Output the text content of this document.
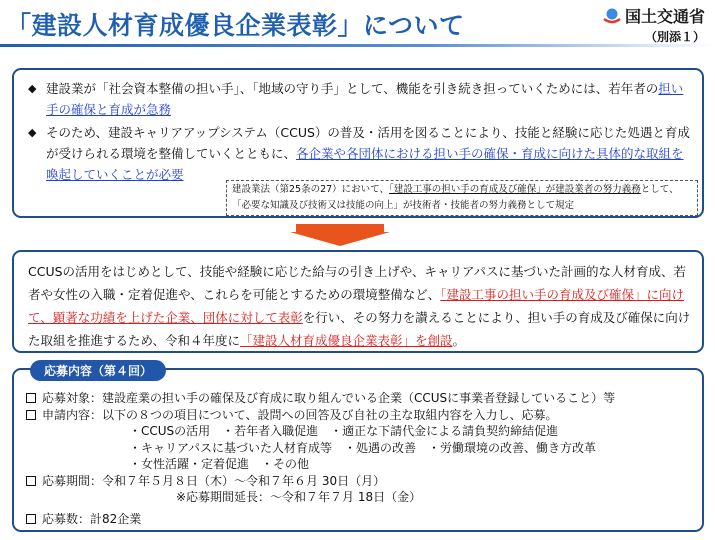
「建設人材育成優良企業表彰」について	国土交通省
（別添１）
◆ 建設業が「社会資本整備の担い手」、「地域の守り手」として、機能を引き続き担っていくためには、若年者の担い手の確保と育成が急務
◆ そのため、建設キャリアアップシステム（CCUS）の普及・活用を図ることにより、技能と経験に応じた処遇と育成が受けられる環境を整備していくとともに、各企業や各団体における担い手の確保・育成に向けた具体的な取組を喚起していくことが必要
建設業法（第25条の27）において、「建設工事の担い手の育成及び確保」が建設業者の努力義務として、「必要な知識及び技術又は技能の向上」が技術者・技能者の努力義務として規定
CCUSの活用をはじめとして、技能や経験に応じた給与の引き上げや、キャリアパスに基づいた計画的な人材育成、若者や女性の入職・定着促進や、これらを可能とするための環境整備など、「建設工事の担い手の育成及び確保」に向けて、顕著な功績を上げた企業、団体に対して表彰を行い、その努力を讃えることにより、担い手の育成及び確保に向けた取組を推進するため、令和４年度に「建設人材育成優良企業表彰」を創設。
応募内容（第４回）
応募対象： 建設産業の担い手の確保及び育成に取り組んでいる企業（CCUSに事業者登録していること）等
申請内容： 以下の８つの項目について、設問への回答及び自社の主な取組内容を入力し、応募。
・CCUSの活用　・若年者入職促進　・適正な下請代金による請負契約締結促進
・キャリアパスに基づいた人材育成等　・処遇の改善　・労働環境の改善、働き方改革
・女性活躍・定着促進　・その他
応募期間： 令和７年５月８日（木）～令和７年６月 30日（月）
※応募期間延長：～令和７年７月 18日（金）
応募数： 計82企業
